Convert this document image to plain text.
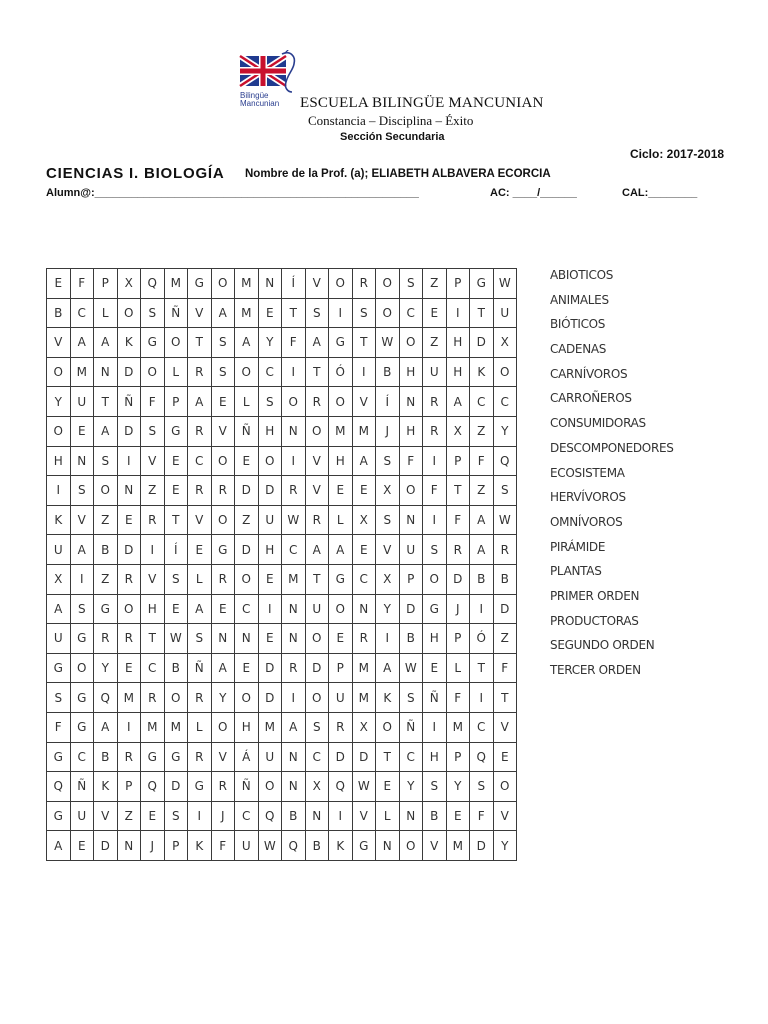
Bilingüe
Mancunian	ESCUELA BILINGÜE MANCUNIAN
Constancia – Disciplina – Éxito
Sección Secundaria
Ciclo: 2017-2018
CIENCIAS I. BIOLOGÍA Nombre de la Prof. (a); ELIABETH ALBAVERA ECORCIA
Alumn@:_____________________________________________________	AC: ____/______	CAL:________
E	F	P	X	Q	M	G	O	M	N	Í	V	O	R	O	S	Z	P	G	W
B	C	L	O	S	Ñ	V	A	M	E	T	S	I	S	O	C	E	I	T	U
V	A	A	K	G	O	T	S	A	Y	F	A	G	T	W	O	Z	H	D	X
O	M	N	D	O	L	R	S	O	C	I	T	Ó	I	B	H	U	H	K	O
Y	U	T	Ñ	F	P	A	E	L	S	O	R	O	V	Í	N	R	A	C	C
O	E	A	D	S	G	R	V	Ñ	H	N	O	M	M	J	H	R	X	Z	Y
H	N	S	I	V	E	C	O	E	O	I	V	H	A	S	F	I	P	F	Q
I	S	O	N	Z	E	R	R	D	D	R	V	E	E	X	O	F	T	Z	S
K	V	Z	E	R	T	V	O	Z	U	W	R	L	X	S	N	I	F	A	W
U	A	B	D	I	Í	E	G	D	H	C	A	A	E	V	U	S	R	A	R
X	I	Z	R	V	S	L	R	O	E	M	T	G	C	X	P	O	D	B	B
A	S	G	O	H	E	A	E	C	I	N	U	O	N	Y	D	G	J	I	D
U	G	R	R	T	W	S	N	N	E	N	O	E	R	I	B	H	P	Ó	Z
G	O	Y	E	C	B	Ñ	A	E	D	R	D	P	M	A	W	E	L	T	F
S	G	Q	M	R	O	R	Y	O	D	I	O	U	M	K	S	Ñ	F	I	T
F	G	A	I	M	M	L	O	H	M	A	S	R	X	O	Ñ	I	M	C	V
G	C	B	R	G	G	R	V	Á	U	N	C	D	D	T	C	H	P	Q	E
Q	Ñ	K	P	Q	D	G	R	Ñ	O	N	X	Q	W	E	Y	S	Y	S	O
G	U	V	Z	E	S	I	J	C	Q	B	N	I	V	L	N	B	E	F	V
A	E	D	N	J	P	K	F	U	W	Q	B	K	G	N	O	V	M	D	Y
ABIOTICOS
ANIMALES
BIÓTICOS
CADENAS
CARNÍVOROS
CARROÑEROS
CONSUMIDORAS
DESCOMPONEDORES
ECOSISTEMA
HERVÍVOROS
OMNÍVOROS
PIRÁMIDE
PLANTAS
PRIMER ORDEN
PRODUCTORAS
SEGUNDO ORDEN
TERCER ORDEN
